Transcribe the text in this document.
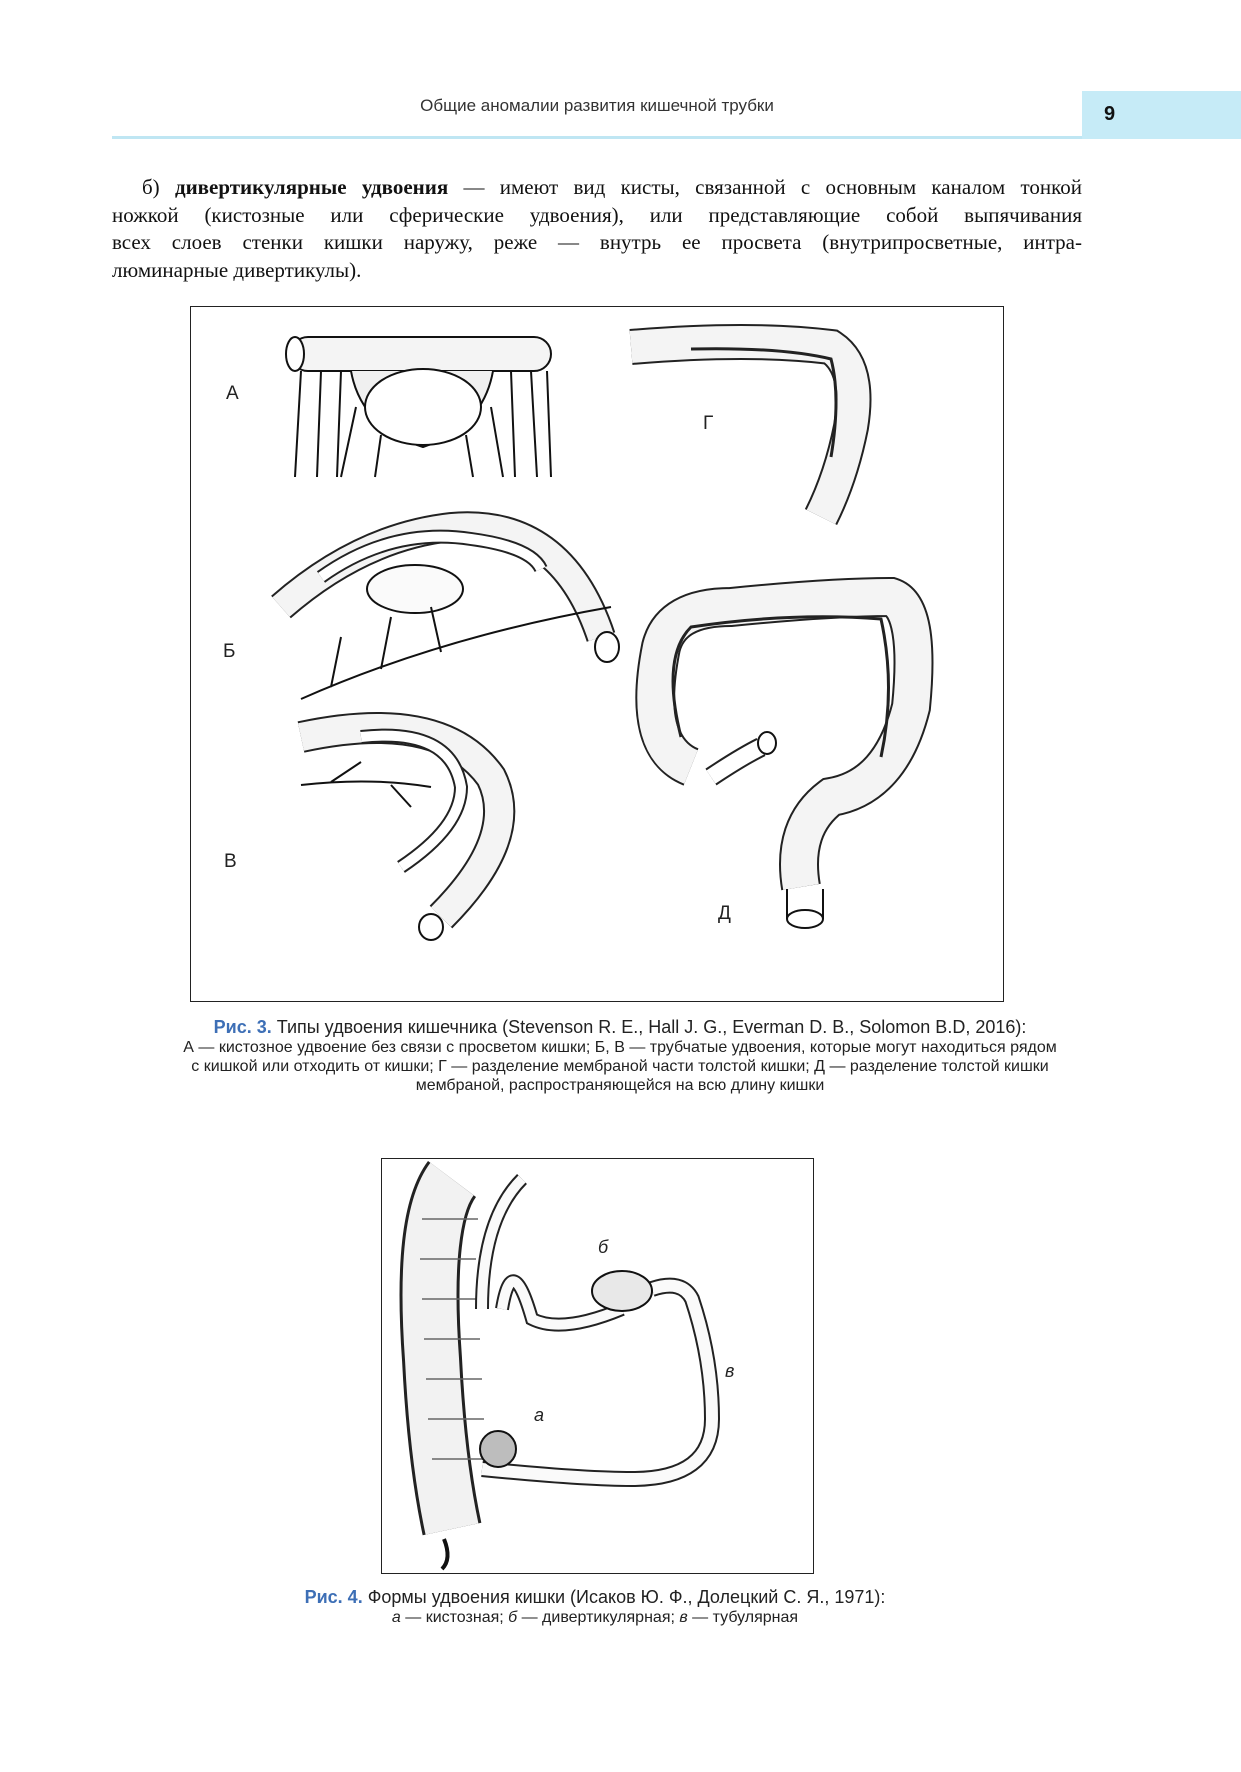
Общие аномалии развития кишечной трубки	9
б) дивертикулярные удвоения — имеют вид кисты, связанной с основным каналом тонкой
ножкой (кистозные или сферические удвоения), или представляющие собой выпячивания
всех слоев стенки кишки наружу, реже — внутрь ее просвета (внутрипросветные, интра-
люминарные дивертикулы).
А
Б
В
Г
Д
Рис. 3. Типы удвоения кишечника (Stevenson R. E., Hall J. G., Everman D. B., Solomon B.D, 2016):
А — кистозное удвоение без связи с просветом кишки; Б, В — трубчатые удвоения, которые могут находиться рядом
с кишкой или отходить от кишки; Г — разделение мембраной части толстой кишки; Д — разделение толстой кишки
мембраной, распространяющейся на всю длину кишки
б
в
а
Рис. 4. Формы удвоения кишки (Исаков Ю. Ф., Долецкий С. Я., 1971):
а — кистозная; б — дивертикулярная; в — тубулярная
